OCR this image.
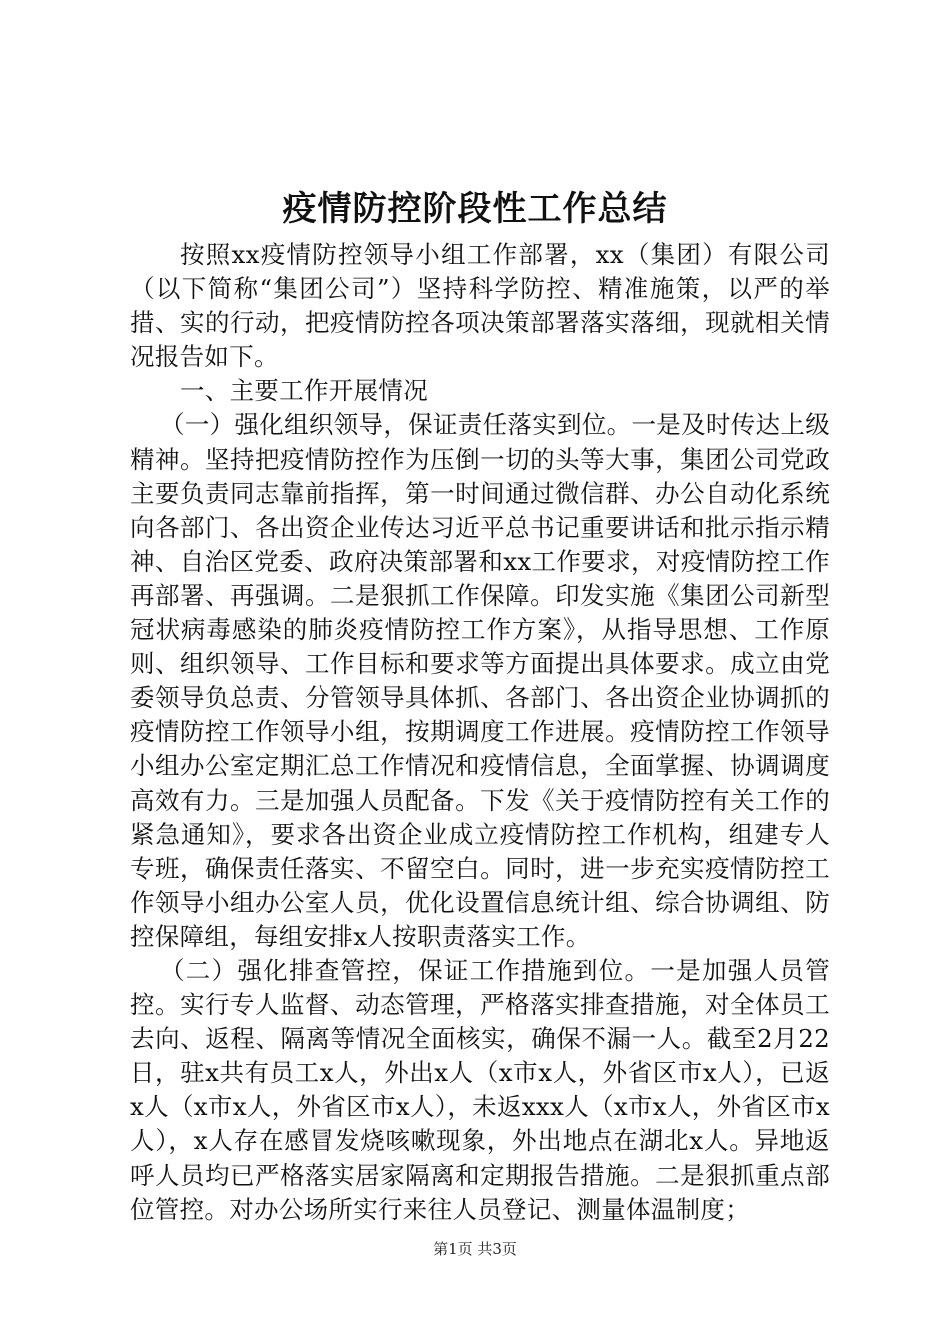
疫情防控阶段性工作总结

按照xx疫情防控领导小组工作部署，xx（集团）有限公司（以下简称“集团公司”）坚持科学防控、精准施策，以严的举措、实的行动，把疫情防控各项决策部署落实落细，现就相关情况报告如下。

一、主要工作开展情况

（一）强化组织领导，保证责任落实到位。一是及时传达上级精神。坚持把疫情防控作为压倒一切的头等大事，集团公司党政主要负责同志靠前指挥，第一时间通过微信群、办公自动化系统向各部门、各出资企业传达习近平总书记重要讲话和批示指示精神、自治区党委、政府决策部署和xx工作要求，对疫情防控工作再部署、再强调。二是狠抓工作保障。印发实施《集团公司新型冠状病毒感染的肺炎疫情防控工作方案》，从指导思想、工作原则、组织领导、工作目标和要求等方面提出具体要求。成立由党委领导负总责、分管领导具体抓、各部门、各出资企业协调抓的疫情防控工作领导小组，按期调度工作进展。疫情防控工作领导小组办公室定期汇总工作情况和疫情信息，全面掌握、协调调度高效有力。三是加强人员配备。下发《关于疫情防控有关工作的紧急通知》，要求各出资企业成立疫情防控工作机构，组建专人专班，确保责任落实、不留空白。同时，进一步充实疫情防控工作领导小组办公室人员，优化设置信息统计组、综合协调组、防控保障组，每组安排x人按职责落实工作。

（二）强化排查管控，保证工作措施到位。一是加强人员管控。实行专人监督、动态管理，严格落实排查措施，对全体员工去向、返程、隔离等情况全面核实，确保不漏一人。截至2月22日，驻x共有员工x人，外出x人（x市x人，外省区市x人），已返x人（x市x人，外省区市x人），未返xxx人（x市x人，外省区市x人），x人存在感冒发烧咳嗽现象，外出地点在湖北x人。异地返呼人员均已严格落实居家隔离和定期报告措施。二是狠抓重点部位管控。对办公场所实行来往人员登记、测量体温制度；

第1页 共3页
